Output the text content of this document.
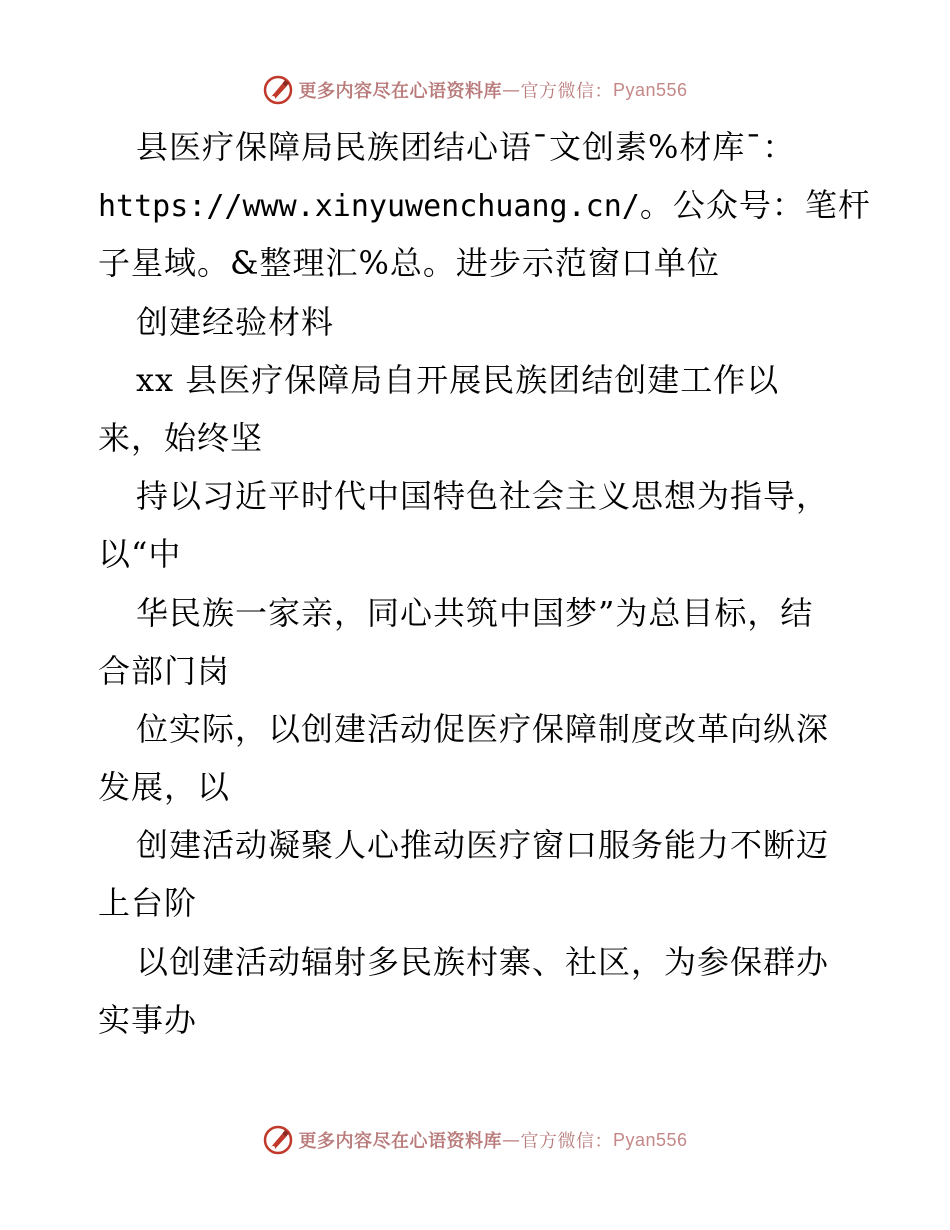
更多内容尽在心语资料库 — 官方微信 ： Pyan556
县医疗保障局民族团结心语¯文创素%材库¯：
https://www.xinyuwenchuang.cn/。公众号：笔杆
子星域。&整理汇%总。进步示范窗口单位
创建经验材料
xx 县医疗保障局自开展民族团结创建工作以
来，始终坚
持以习近平时代中国特色社会主义思想为指导，
以“中
华民族一家亲，同心共筑中国梦”为总目标，结
合部门岗
位实际，以创建活动促医疗保障制度改革向纵深
发展，以
创建活动凝聚人心推动医疗窗口服务能力不断迈
上台阶
以创建活动辐射多民族村寨、社区，为参保群办
实事办
更多内容尽在心语资料库 — 官方微信 ： Pyan556
